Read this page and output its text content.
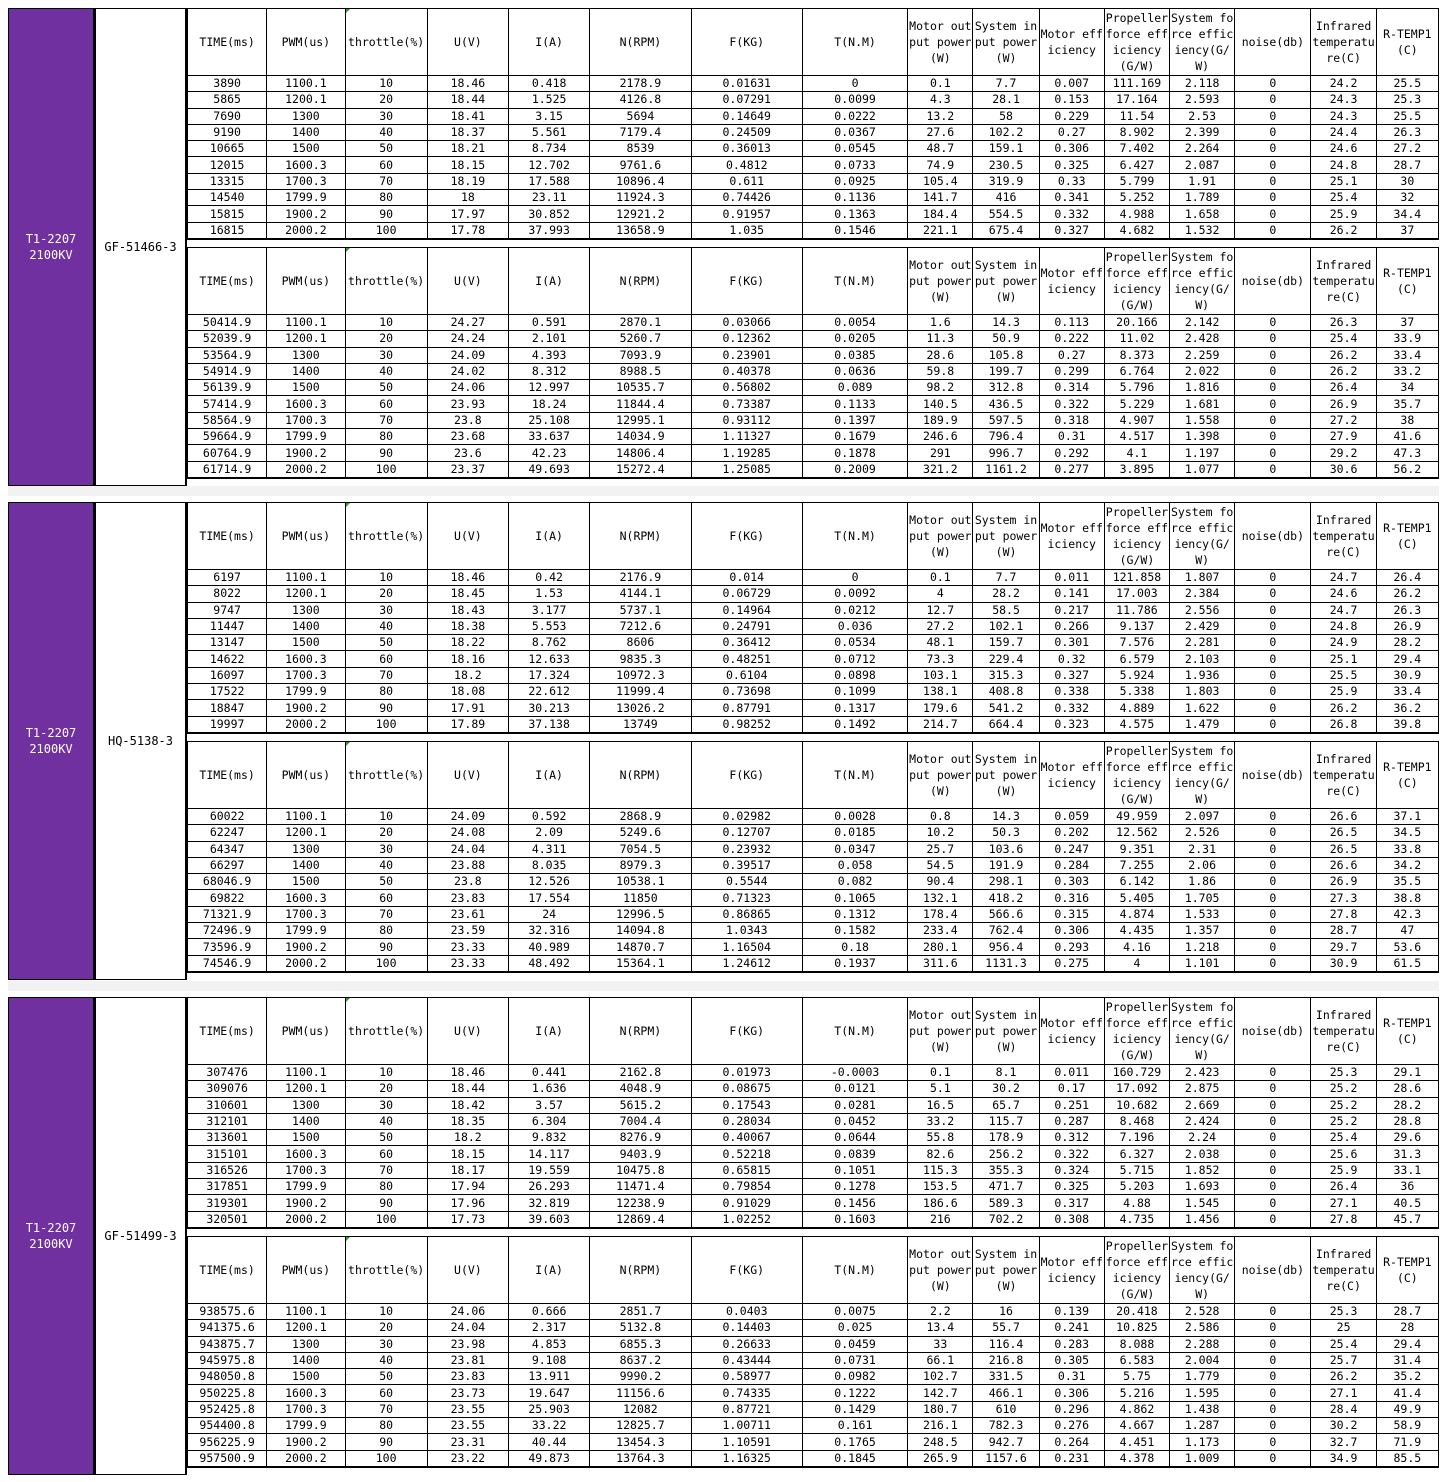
T1-2207
2100KV
GF-51466-3
TIME(ms)	PWM(us)	throttle(%)	U(V)	I(A)	N(RPM)	F(KG)	T(N.M)	Motor output power(W)	System input power(W)	Motor efficiency	Propeller force efficiency(G/W)	System force efficiency(G/W)	noise(db)	Infrared temperature(C)	R-TEMP1(C)
3890	1100.1	10	18.46	0.418	2178.9	0.01631	0	0.1	7.7	0.007	111.169	2.118	0	24.2	25.5
5865	1200.1	20	18.44	1.525	4126.8	0.07291	0.0099	4.3	28.1	0.153	17.164	2.593	0	24.3	25.3
7690	1300	30	18.41	3.15	5694	0.14649	0.0222	13.2	58	0.229	11.54	2.53	0	24.3	25.5
9190	1400	40	18.37	5.561	7179.4	0.24509	0.0367	27.6	102.2	0.27	8.902	2.399	0	24.4	26.3
10665	1500	50	18.21	8.734	8539	0.36013	0.0545	48.7	159.1	0.306	7.402	2.264	0	24.6	27.2
12015	1600.3	60	18.15	12.702	9761.6	0.4812	0.0733	74.9	230.5	0.325	6.427	2.087	0	24.8	28.7
13315	1700.3	70	18.19	17.588	10896.4	0.611	0.0925	105.4	319.9	0.33	5.799	1.91	0	25.1	30
14540	1799.9	80	18	23.11	11924.3	0.74426	0.1136	141.7	416	0.341	5.252	1.789	0	25.4	32
15815	1900.2	90	17.97	30.852	12921.2	0.91957	0.1363	184.4	554.5	0.332	4.988	1.658	0	25.9	34.4
16815	2000.2	100	17.78	37.993	13658.9	1.035	0.1546	221.1	675.4	0.327	4.682	1.532	0	26.2	37
TIME(ms)	PWM(us)	throttle(%)	U(V)	I(A)	N(RPM)	F(KG)	T(N.M)	Motor output power(W)	System input power(W)	Motor efficiency	Propeller force efficiency(G/W)	System force efficiency(G/W)	noise(db)	Infrared temperature(C)	R-TEMP1(C)
50414.9	1100.1	10	24.27	0.591	2870.1	0.03066	0.0054	1.6	14.3	0.113	20.166	2.142	0	26.3	37
52039.9	1200.1	20	24.24	2.101	5260.7	0.12362	0.0205	11.3	50.9	0.222	11.02	2.428	0	25.4	33.9
53564.9	1300	30	24.09	4.393	7093.9	0.23901	0.0385	28.6	105.8	0.27	8.373	2.259	0	26.2	33.4
54914.9	1400	40	24.02	8.312	8988.5	0.40378	0.0636	59.8	199.7	0.299	6.764	2.022	0	26.2	33.2
56139.9	1500	50	24.06	12.997	10535.7	0.56802	0.089	98.2	312.8	0.314	5.796	1.816	0	26.4	34
57414.9	1600.3	60	23.93	18.24	11844.4	0.73387	0.1133	140.5	436.5	0.322	5.229	1.681	0	26.9	35.7
58564.9	1700.3	70	23.8	25.108	12995.1	0.93112	0.1397	189.9	597.5	0.318	4.907	1.558	0	27.2	38
59664.9	1799.9	80	23.68	33.637	14034.9	1.11327	0.1679	246.6	796.4	0.31	4.517	1.398	0	27.9	41.6
60764.9	1900.2	90	23.6	42.23	14806.4	1.19285	0.1878	291	996.7	0.292	4.1	1.197	0	29.2	47.3
61714.9	2000.2	100	23.37	49.693	15272.4	1.25085	0.2009	321.2	1161.2	0.277	3.895	1.077	0	30.6	56.2
T1-2207
2100KV
HQ-5138-3
TIME(ms)	PWM(us)	throttle(%)	U(V)	I(A)	N(RPM)	F(KG)	T(N.M)	Motor output power(W)	System input power(W)	Motor efficiency	Propeller force efficiency(G/W)	System force efficiency(G/W)	noise(db)	Infrared temperature(C)	R-TEMP1(C)
6197	1100.1	10	18.46	0.42	2176.9	0.014	0	0.1	7.7	0.011	121.858	1.807	0	24.7	26.4
8022	1200.1	20	18.45	1.53	4144.1	0.06729	0.0092	4	28.2	0.141	17.003	2.384	0	24.6	26.2
9747	1300	30	18.43	3.177	5737.1	0.14964	0.0212	12.7	58.5	0.217	11.786	2.556	0	24.7	26.3
11447	1400	40	18.38	5.553	7212.6	0.24791	0.036	27.2	102.1	0.266	9.137	2.429	0	24.8	26.9
13147	1500	50	18.22	8.762	8606	0.36412	0.0534	48.1	159.7	0.301	7.576	2.281	0	24.9	28.2
14622	1600.3	60	18.16	12.633	9835.3	0.48251	0.0712	73.3	229.4	0.32	6.579	2.103	0	25.1	29.4
16097	1700.3	70	18.2	17.324	10972.3	0.6104	0.0898	103.1	315.3	0.327	5.924	1.936	0	25.5	30.9
17522	1799.9	80	18.08	22.612	11999.4	0.73698	0.1099	138.1	408.8	0.338	5.338	1.803	0	25.9	33.4
18847	1900.2	90	17.91	30.213	13026.2	0.87791	0.1317	179.6	541.2	0.332	4.889	1.622	0	26.2	36.2
19997	2000.2	100	17.89	37.138	13749	0.98252	0.1492	214.7	664.4	0.323	4.575	1.479	0	26.8	39.8
TIME(ms)	PWM(us)	throttle(%)	U(V)	I(A)	N(RPM)	F(KG)	T(N.M)	Motor output power(W)	System input power(W)	Motor efficiency	Propeller force efficiency(G/W)	System force efficiency(G/W)	noise(db)	Infrared temperature(C)	R-TEMP1(C)
60022	1100.1	10	24.09	0.592	2868.9	0.02982	0.0028	0.8	14.3	0.059	49.959	2.097	0	26.6	37.1
62247	1200.1	20	24.08	2.09	5249.6	0.12707	0.0185	10.2	50.3	0.202	12.562	2.526	0	26.5	34.5
64347	1300	30	24.04	4.311	7054.5	0.23932	0.0347	25.7	103.6	0.247	9.351	2.31	0	26.5	33.8
66297	1400	40	23.88	8.035	8979.3	0.39517	0.058	54.5	191.9	0.284	7.255	2.06	0	26.6	34.2
68046.9	1500	50	23.8	12.526	10538.1	0.5544	0.082	90.4	298.1	0.303	6.142	1.86	0	26.9	35.5
69822	1600.3	60	23.83	17.554	11850	0.71323	0.1065	132.1	418.2	0.316	5.405	1.705	0	27.3	38.8
71321.9	1700.3	70	23.61	24	12996.5	0.86865	0.1312	178.4	566.6	0.315	4.874	1.533	0	27.8	42.3
72496.9	1799.9	80	23.59	32.316	14094.8	1.0343	0.1582	233.4	762.4	0.306	4.435	1.357	0	28.7	47
73596.9	1900.2	90	23.33	40.989	14870.7	1.16504	0.18	280.1	956.4	0.293	4.16	1.218	0	29.7	53.6
74546.9	2000.2	100	23.33	48.492	15364.1	1.24612	0.1937	311.6	1131.3	0.275	4	1.101	0	30.9	61.5
T1-2207
2100KV
GF-51499-3
TIME(ms)	PWM(us)	throttle(%)	U(V)	I(A)	N(RPM)	F(KG)	T(N.M)	Motor output power(W)	System input power(W)	Motor efficiency	Propeller force efficiency(G/W)	System force efficiency(G/W)	noise(db)	Infrared temperature(C)	R-TEMP1(C)
307476	1100.1	10	18.46	0.441	2162.8	0.01973	-0.0003	0.1	8.1	0.011	160.729	2.423	0	25.3	29.1
309076	1200.1	20	18.44	1.636	4048.9	0.08675	0.0121	5.1	30.2	0.17	17.092	2.875	0	25.2	28.6
310601	1300	30	18.42	3.57	5615.2	0.17543	0.0281	16.5	65.7	0.251	10.682	2.669	0	25.2	28.2
312101	1400	40	18.35	6.304	7004.4	0.28034	0.0452	33.2	115.7	0.287	8.468	2.424	0	25.2	28.8
313601	1500	50	18.2	9.832	8276.9	0.40067	0.0644	55.8	178.9	0.312	7.196	2.24	0	25.4	29.6
315101	1600.3	60	18.15	14.117	9403.9	0.52218	0.0839	82.6	256.2	0.322	6.327	2.038	0	25.6	31.3
316526	1700.3	70	18.17	19.559	10475.8	0.65815	0.1051	115.3	355.3	0.324	5.715	1.852	0	25.9	33.1
317851	1799.9	80	17.94	26.293	11471.4	0.79854	0.1278	153.5	471.7	0.325	5.203	1.693	0	26.4	36
319301	1900.2	90	17.96	32.819	12238.9	0.91029	0.1456	186.6	589.3	0.317	4.88	1.545	0	27.1	40.5
320501	2000.2	100	17.73	39.603	12869.4	1.02252	0.1603	216	702.2	0.308	4.735	1.456	0	27.8	45.7
TIME(ms)	PWM(us)	throttle(%)	U(V)	I(A)	N(RPM)	F(KG)	T(N.M)	Motor output power(W)	System input power(W)	Motor efficiency	Propeller force efficiency(G/W)	System force efficiency(G/W)	noise(db)	Infrared temperature(C)	R-TEMP1(C)
938575.6	1100.1	10	24.06	0.666	2851.7	0.0403	0.0075	2.2	16	0.139	20.418	2.528	0	25.3	28.7
941375.6	1200.1	20	24.04	2.317	5132.8	0.14403	0.025	13.4	55.7	0.241	10.825	2.586	0	25	28
943875.7	1300	30	23.98	4.853	6855.3	0.26633	0.0459	33	116.4	0.283	8.088	2.288	0	25.4	29.4
945975.8	1400	40	23.81	9.108	8637.2	0.43444	0.0731	66.1	216.8	0.305	6.583	2.004	0	25.7	31.4
948050.8	1500	50	23.83	13.911	9990.2	0.58977	0.0982	102.7	331.5	0.31	5.75	1.779	0	26.2	35.2
950225.8	1600.3	60	23.73	19.647	11156.6	0.74335	0.1222	142.7	466.1	0.306	5.216	1.595	0	27.1	41.4
952425.8	1700.3	70	23.55	25.903	12082	0.87721	0.1429	180.7	610	0.296	4.862	1.438	0	28.4	49.9
954400.8	1799.9	80	23.55	33.22	12825.7	1.00711	0.161	216.1	782.3	0.276	4.667	1.287	0	30.2	58.9
956225.9	1900.2	90	23.31	40.44	13454.3	1.10591	0.1765	248.5	942.7	0.264	4.451	1.173	0	32.7	71.9
957500.9	2000.2	100	23.22	49.873	13764.3	1.16325	0.1845	265.9	1157.6	0.231	4.378	1.009	0	34.9	85.5
